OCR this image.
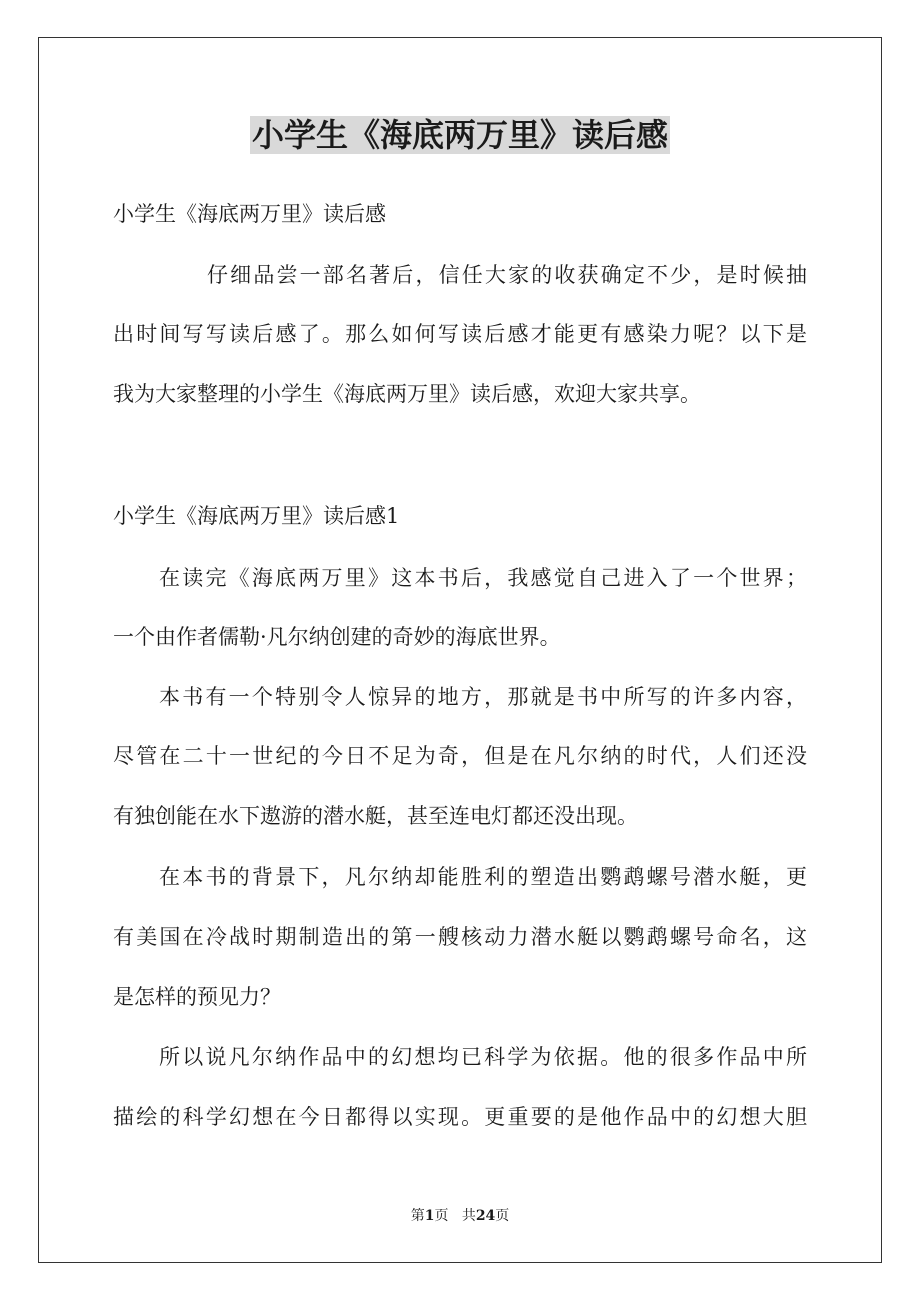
小学生《海底两万里》读后感

小学生《海底两万里》读后感

仔细品尝一部名著后，信任大家的收获确定不少，是时候抽

出时间写写读后感了。那么如何写读后感才能更有感染力呢？以下是

我为大家整理的小学生《海底两万里》读后感，欢迎大家共享。

小学生《海底两万里》读后感1

在读完《海底两万里》这本书后，我感觉自己进入了一个世界；

一个由作者儒勒·凡尔纳创建的奇妙的海底世界。

本书有一个特别令人惊异的地方，那就是书中所写的许多内容，

尽管在二十一世纪的今日不足为奇，但是在凡尔纳的时代，人们还没

有独创能在水下遨游的潜水艇，甚至连电灯都还没出现。

在本书的背景下，凡尔纳却能胜利的塑造出鹦鹉螺号潜水艇，更

有美国在冷战时期制造出的第一艘核动力潜水艇以鹦鹉螺号命名，这

是怎样的预见力？

所以说凡尔纳作品中的幻想均已科学为依据。他的很多作品中所

描绘的科学幻想在今日都得以实现。更重要的是他作品中的幻想大胆

第1页 共24页
